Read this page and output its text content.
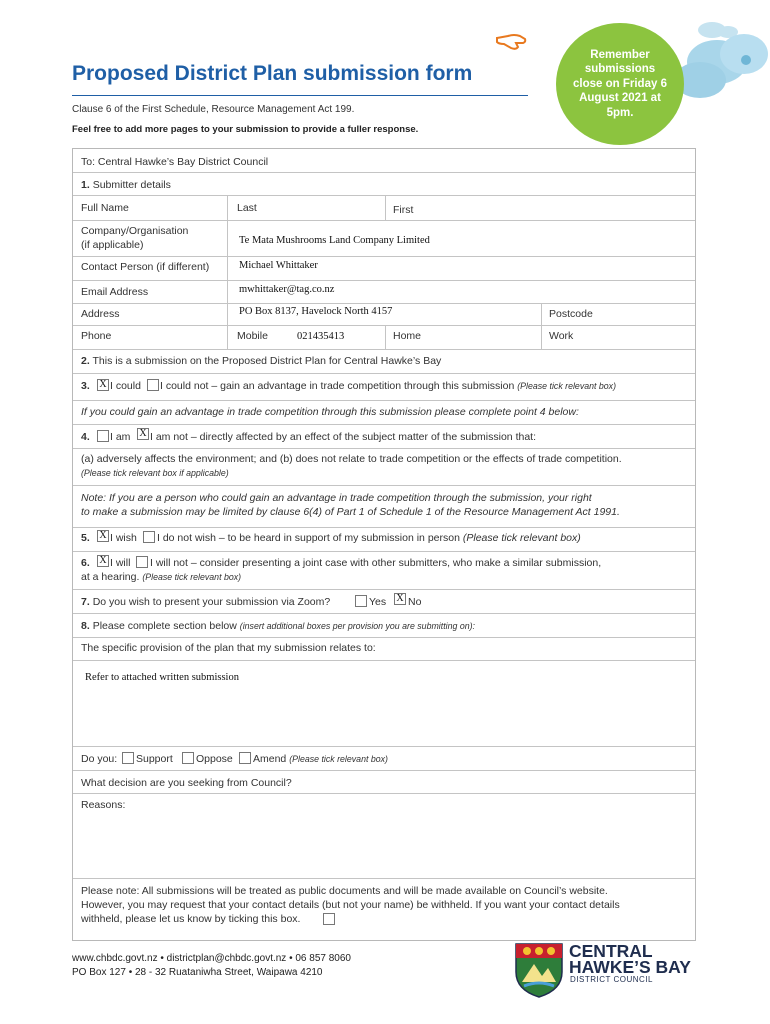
Proposed District Plan submission form
Clause 6 of the First Schedule, Resource Management Act 199.
Feel free to add more pages to your submission to provide a fuller response.
Remember submissions close on Friday 6 August 2021 at 5pm.
To: Central Hawke’s Bay District Council
1. Submitter details
Full Name	Last	First
Company/Organisation
(if applicable)	Te Mata Mushrooms Land Company Limited
Contact Person (if different)	Michael Whittaker
Email Address	mwhittaker@tag.co.nz
Address	PO Box 8137, Havelock North 4157	Postcode
Phone	Mobile	021435413	Home	Work
2. This is a submission on the Proposed District Plan for Central Hawke’s Bay
3. X I could I could not – gain an advantage in trade competition through this submission (Please tick relevant box)
If you could gain an advantage in trade competition through this submission please complete point 4 below:
4. I am X I am not – directly affected by an effect of the subject matter of the submission that:
(a) adversely affects the environment; and (b) does not relate to trade competition or the effects of trade competition.
(Please tick relevant box if applicable)
Note: If you are a person who could gain an advantage in trade competition through the submission, your right
to make a submission may be limited by clause 6(4) of Part 1 of Schedule 1 of the Resource Management Act 1991.
5. X I wish I do not wish – to be heard in support of my submission in person (Please tick relevant box)
6. X I will I will not – consider presenting a joint case with other submitters, who make a similar submission,
at a hearing. (Please tick relevant box)
7. Do you wish to present your submission via Zoom?	Yes X No
8. Please complete section below (insert additional boxes per provision you are submitting on):
The specific provision of the plan that my submission relates to:
Refer to attached written submission
Do you: Support Oppose Amend (Please tick relevant box)
What decision are you seeking from Council?
Reasons:
Please note: All submissions will be treated as public documents and will be made available on Council’s website.
However, you may request that your contact details (but not your name) be withheld. If you want your contact details
withheld, please let us know by ticking this box.
www.chbdc.govt.nz • districtplan@chbdc.govt.nz • 06 857 8060
PO Box 127 • 28 - 32 Ruataniwha Street, Waipawa 4210
CENTRAL
HAWKE’S BAY
DISTRICT COUNCIL
